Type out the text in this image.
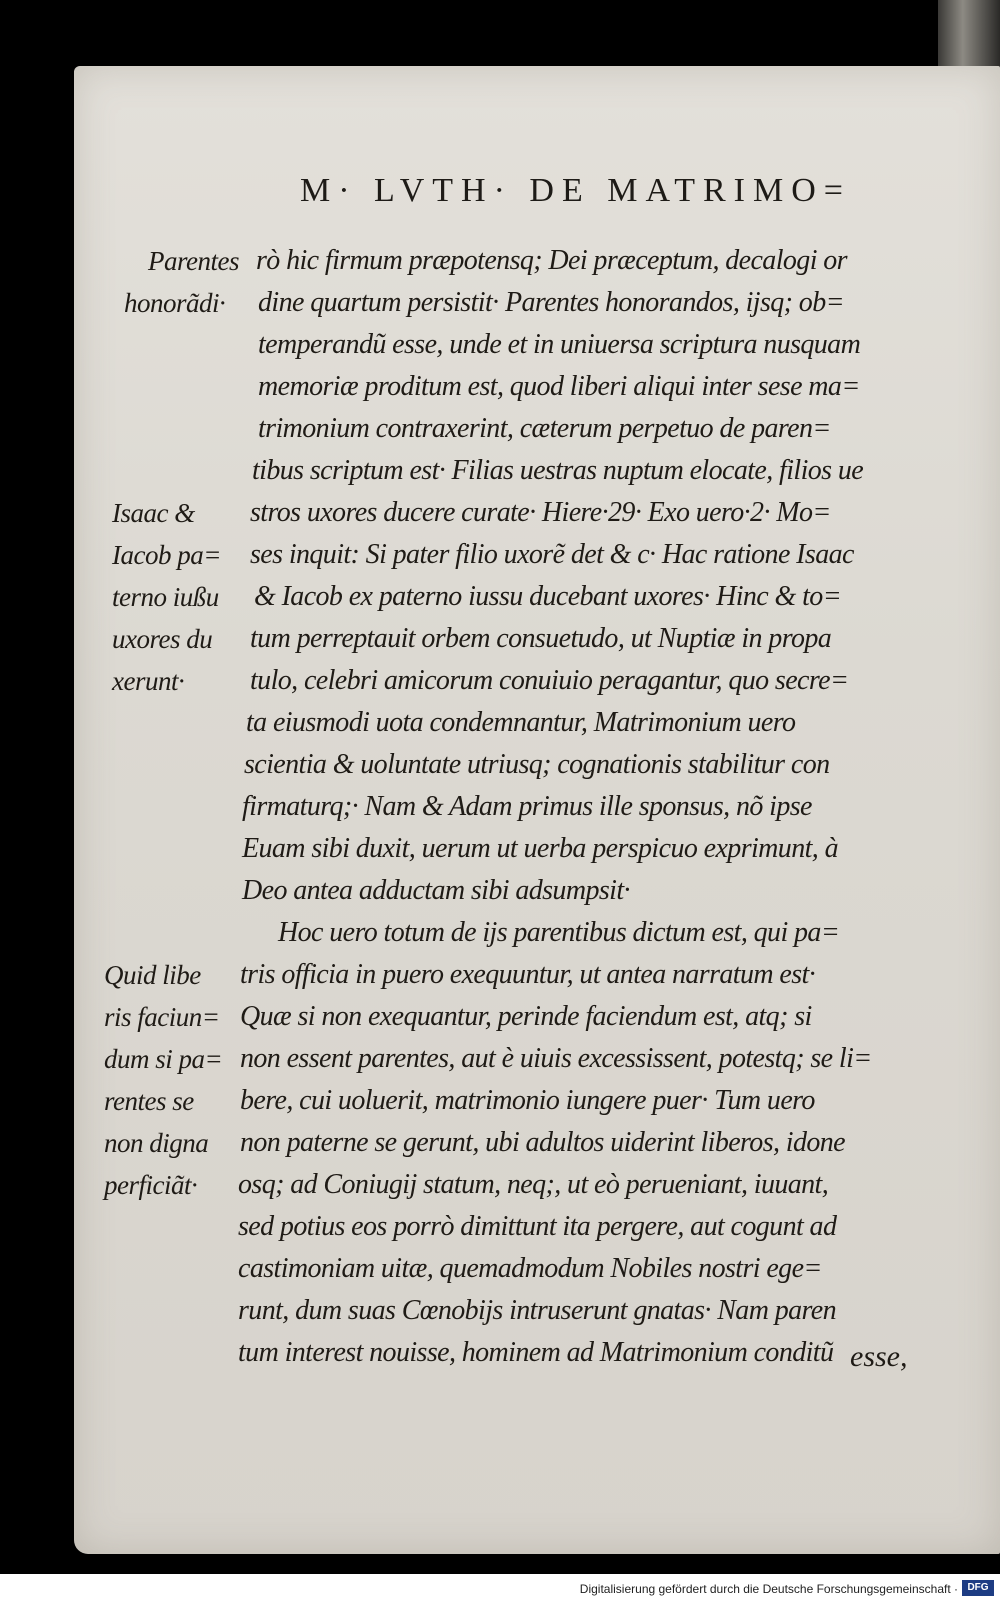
M· LVTH· DE MATRIMO=
Parentes
honorãdi·
Isaac &
Iacob pa=
terno iußu
uxores du
xerunt·
Quid libe
ris faciun=
dum si pa=
rentes se
non digna
perficiãt·
rò hic firmum præpotensq; Dei præceptum, decalogi or
dine quartum persistit· Parentes honorandos, ijsq; ob=
temperandũ esse, unde et in uniuersa scriptura nusquam
memoriæ proditum est, quod liberi aliqui inter sese ma=
trimonium contraxerint, cæterum perpetuo de paren=
tibus scriptum est· Filias uestras nuptum elocate, filios ue
stros uxores ducere curate· Hiere·29· Exo uero·2· Mo=
ses inquit: Si pater filio uxorẽ det & c· Hac ratione Isaac
& Iacob ex paterno iussu ducebant uxores· Hinc & to=
tum perreptauit orbem consuetudo, ut Nuptiæ in propa
tulo, celebri amicorum conuiuio peragantur, quo secre=
ta eiusmodi uota condemnantur, Matrimonium uero
scientia & uoluntate utriusq; cognationis stabilitur con
firmaturq;· Nam & Adam primus ille sponsus, nõ ipse
Euam sibi duxit, uerum ut uerba perspicuo exprimunt, à
Deo antea adductam sibi adsumpsit·
Hoc uero totum de ijs parentibus dictum est, qui pa=
tris officia in puero exequuntur, ut antea narratum est·
Quæ si non exequantur, perinde faciendum est, atq; si
non essent parentes, aut è uiuis excessissent, potestq; se li=
bere, cui uoluerit, matrimonio iungere puer· Tum uero
non paterne se gerunt, ubi adultos uiderint liberos, idone
osq; ad Coniugij statum, neq;, ut eò perueniant, iuuant,
sed potius eos porrò dimittunt ita pergere, aut cogunt ad
castimoniam uitæ, quemadmodum Nobiles nostri ege=
runt, dum suas Cœnobijs intruserunt gnatas· Nam paren
tum interest nouisse, hominem ad Matrimonium conditũ esse,
Digitalisierung gefördert durch die Deutsche Forschungsgemeinschaft · DFG
